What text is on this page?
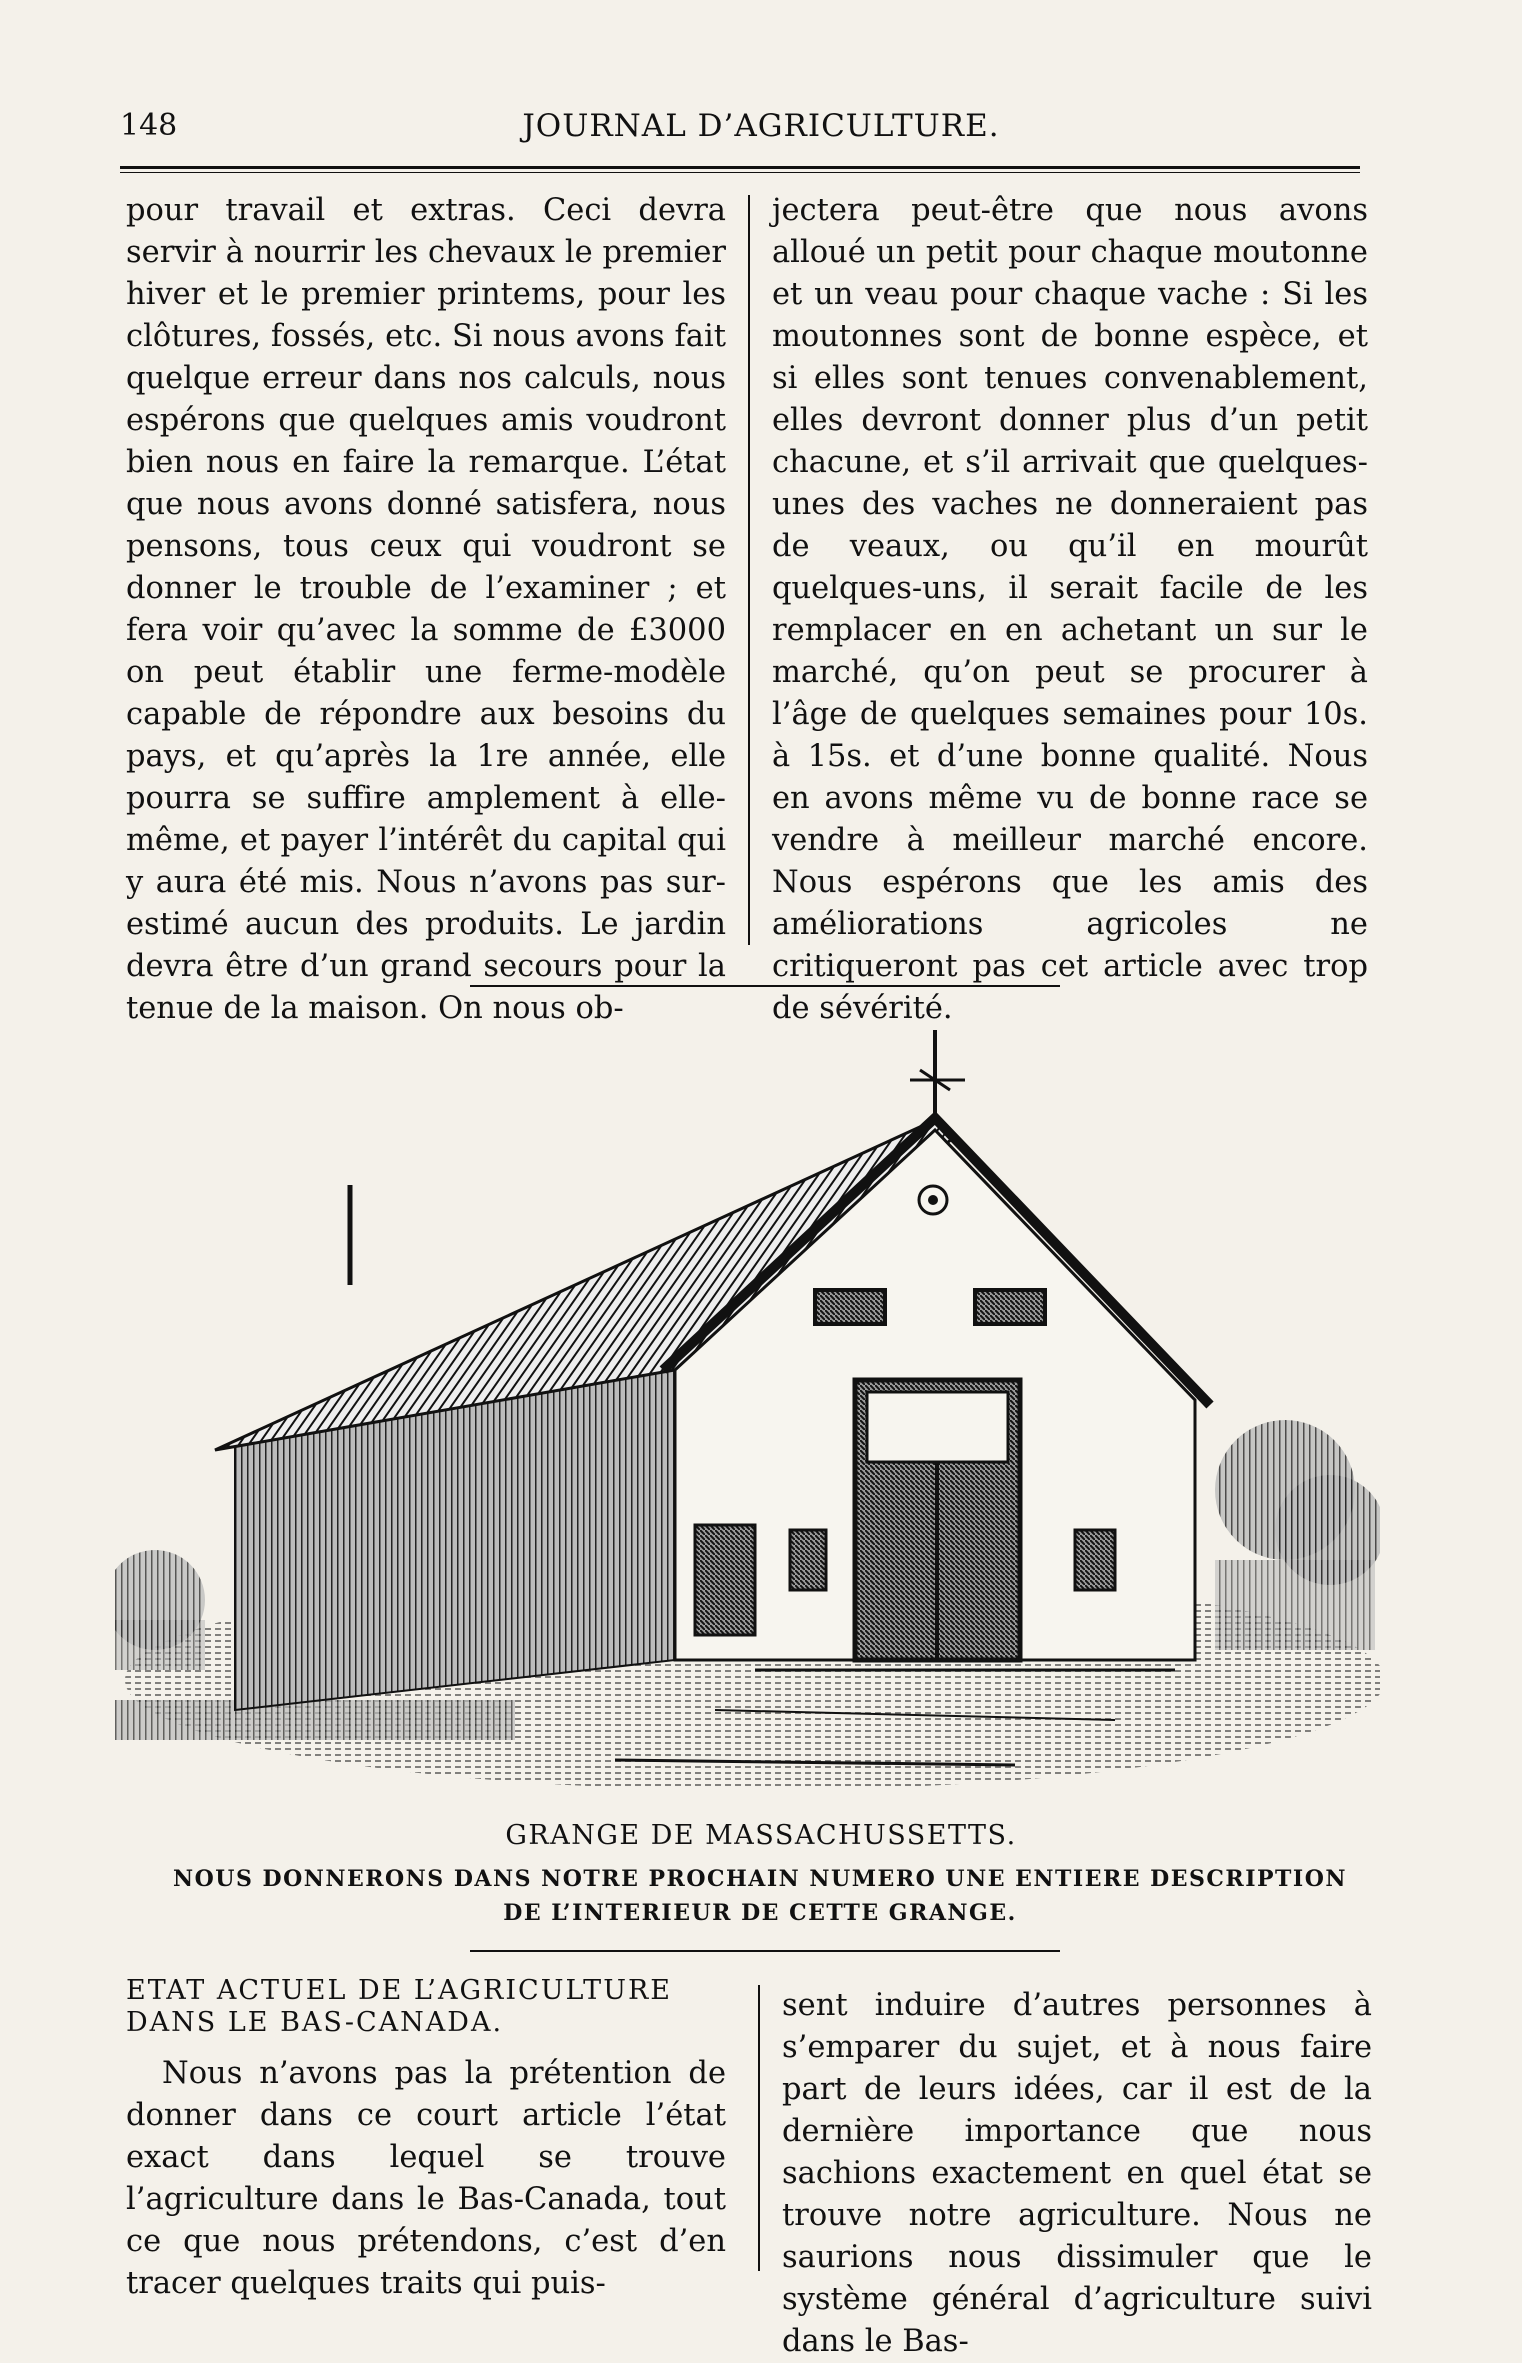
148	JOURNAL D’AGRICULTURE.

pour travail et extras. Ceci devra servir à nourrir les chevaux le premier hiver et le premier printems, pour les clôtures, fossés, etc. Si nous avons fait quelque erreur dans nos calculs, nous espérons que quelques amis voudront bien nous en faire la remarque. L’état que nous avons donné satisfera, nous pensons, tous ceux qui voudront se donner le trouble de l’examiner ; et fera voir qu’avec la somme de £3000 on peut établir une ferme-modèle capable de répondre aux besoins du pays, et qu’après la 1re année, elle pourra se suffire amplement à elle-même, et payer l’intérêt du capital qui y aura été mis. Nous n’avons pas sur-estimé aucun des produits. Le jardin devra être d’un grand secours pour la tenue de la maison. On nous ob-

jectera peut-être que nous avons alloué un petit pour chaque moutonne et un veau pour chaque vache : Si les moutonnes sont de bonne espèce, et si elles sont tenues convenablement, elles devront donner plus d’un petit chacune, et s’il arrivait que quelques-unes des vaches ne donneraient pas de veaux, ou qu’il en mourût quelques-uns, il serait facile de les remplacer en en achetant un sur le marché, qu’on peut se procurer à l’âge de quelques semaines pour 10s. à 15s. et d’une bonne qualité. Nous en avons même vu de bonne race se vendre à meilleur marché encore. Nous espérons que les amis des améliorations agricoles ne critiqueront pas cet article avec trop de sévérité.

GRANGE DE MASSACHUSSETTS.
NOUS DONNERONS DANS NOTRE PROCHAIN NUMERO UNE ENTIERE DESCRIPTION DE L’INTERIEUR DE CETTE GRANGE.
ETAT ACTUEL DE L’AGRICULTURE
DANS LE BAS-CANADA.

Nous n’avons pas la prétention de donner dans ce court article l’état exact dans lequel se trouve l’agriculture dans le Bas-Canada, tout ce que nous prétendons, c’est d’en tracer quelques traits qui puis-

sent induire d’autres personnes à s’emparer du sujet, et à nous faire part de leurs idées, car il est de la dernière importance que nous sachions exactement en quel état se trouve notre agriculture. Nous ne saurions nous dissimuler que le système général d’agriculture suivi dans le Bas-
